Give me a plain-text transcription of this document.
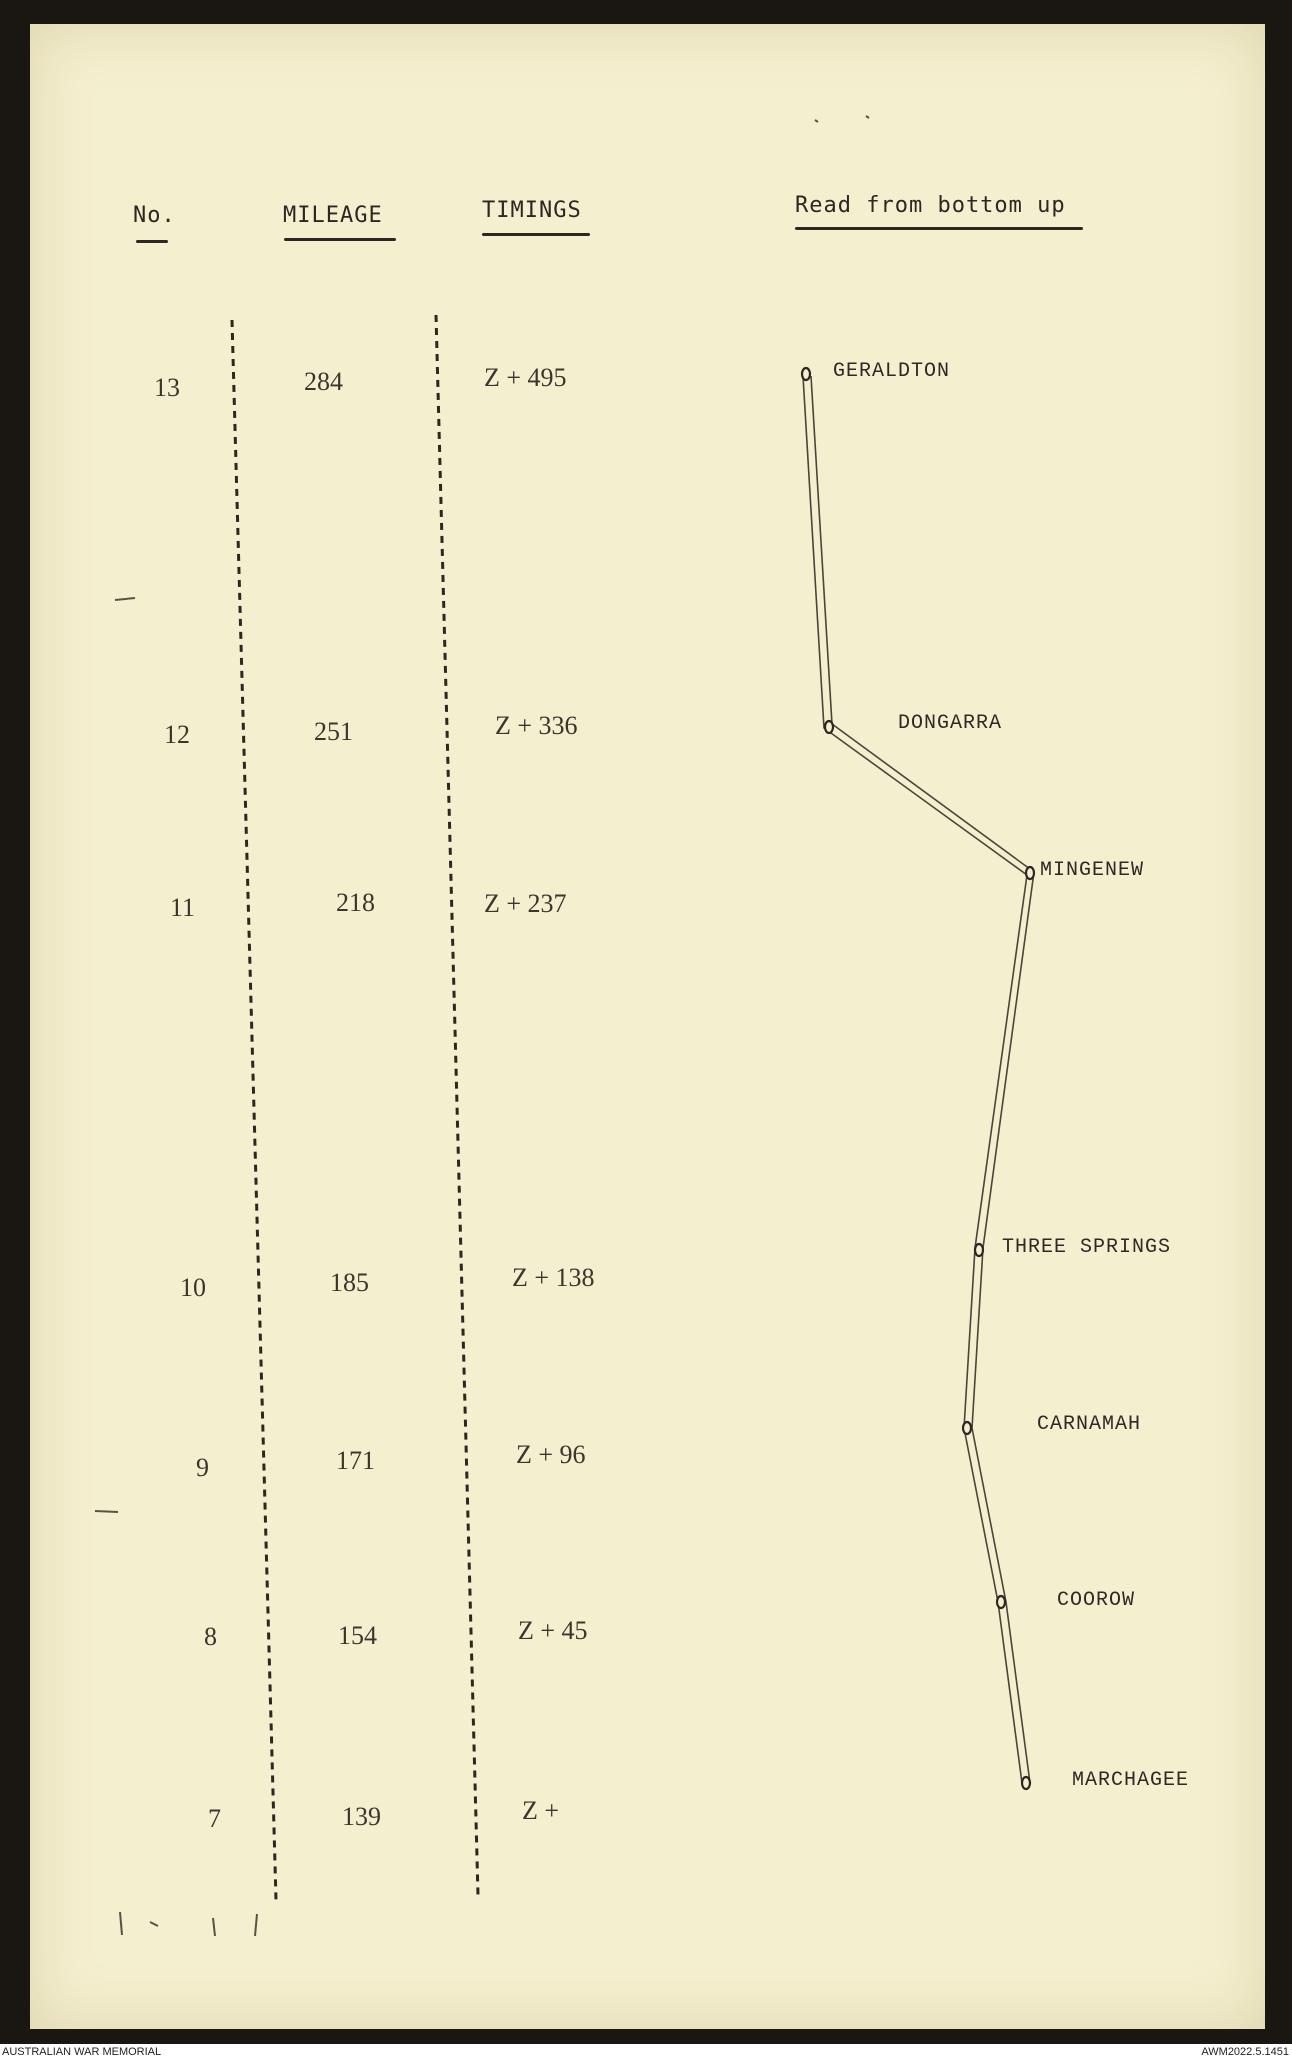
No.	MILEAGE	TIMINGS	Read from bottom up
13	284	Z + 495
12	251	Z + 336
11	218	Z + 237
10	185	Z + 138
9	171	Z + 96
8	154	Z + 45
7	139	Z +
GERALDTON
DONGARRA
MINGENEW
THREE SPRINGS
CARNAMAH
COOROW
MARCHAGEE
AUSTRALIAN WAR MEMORIAL	AWM2022.5.1451
